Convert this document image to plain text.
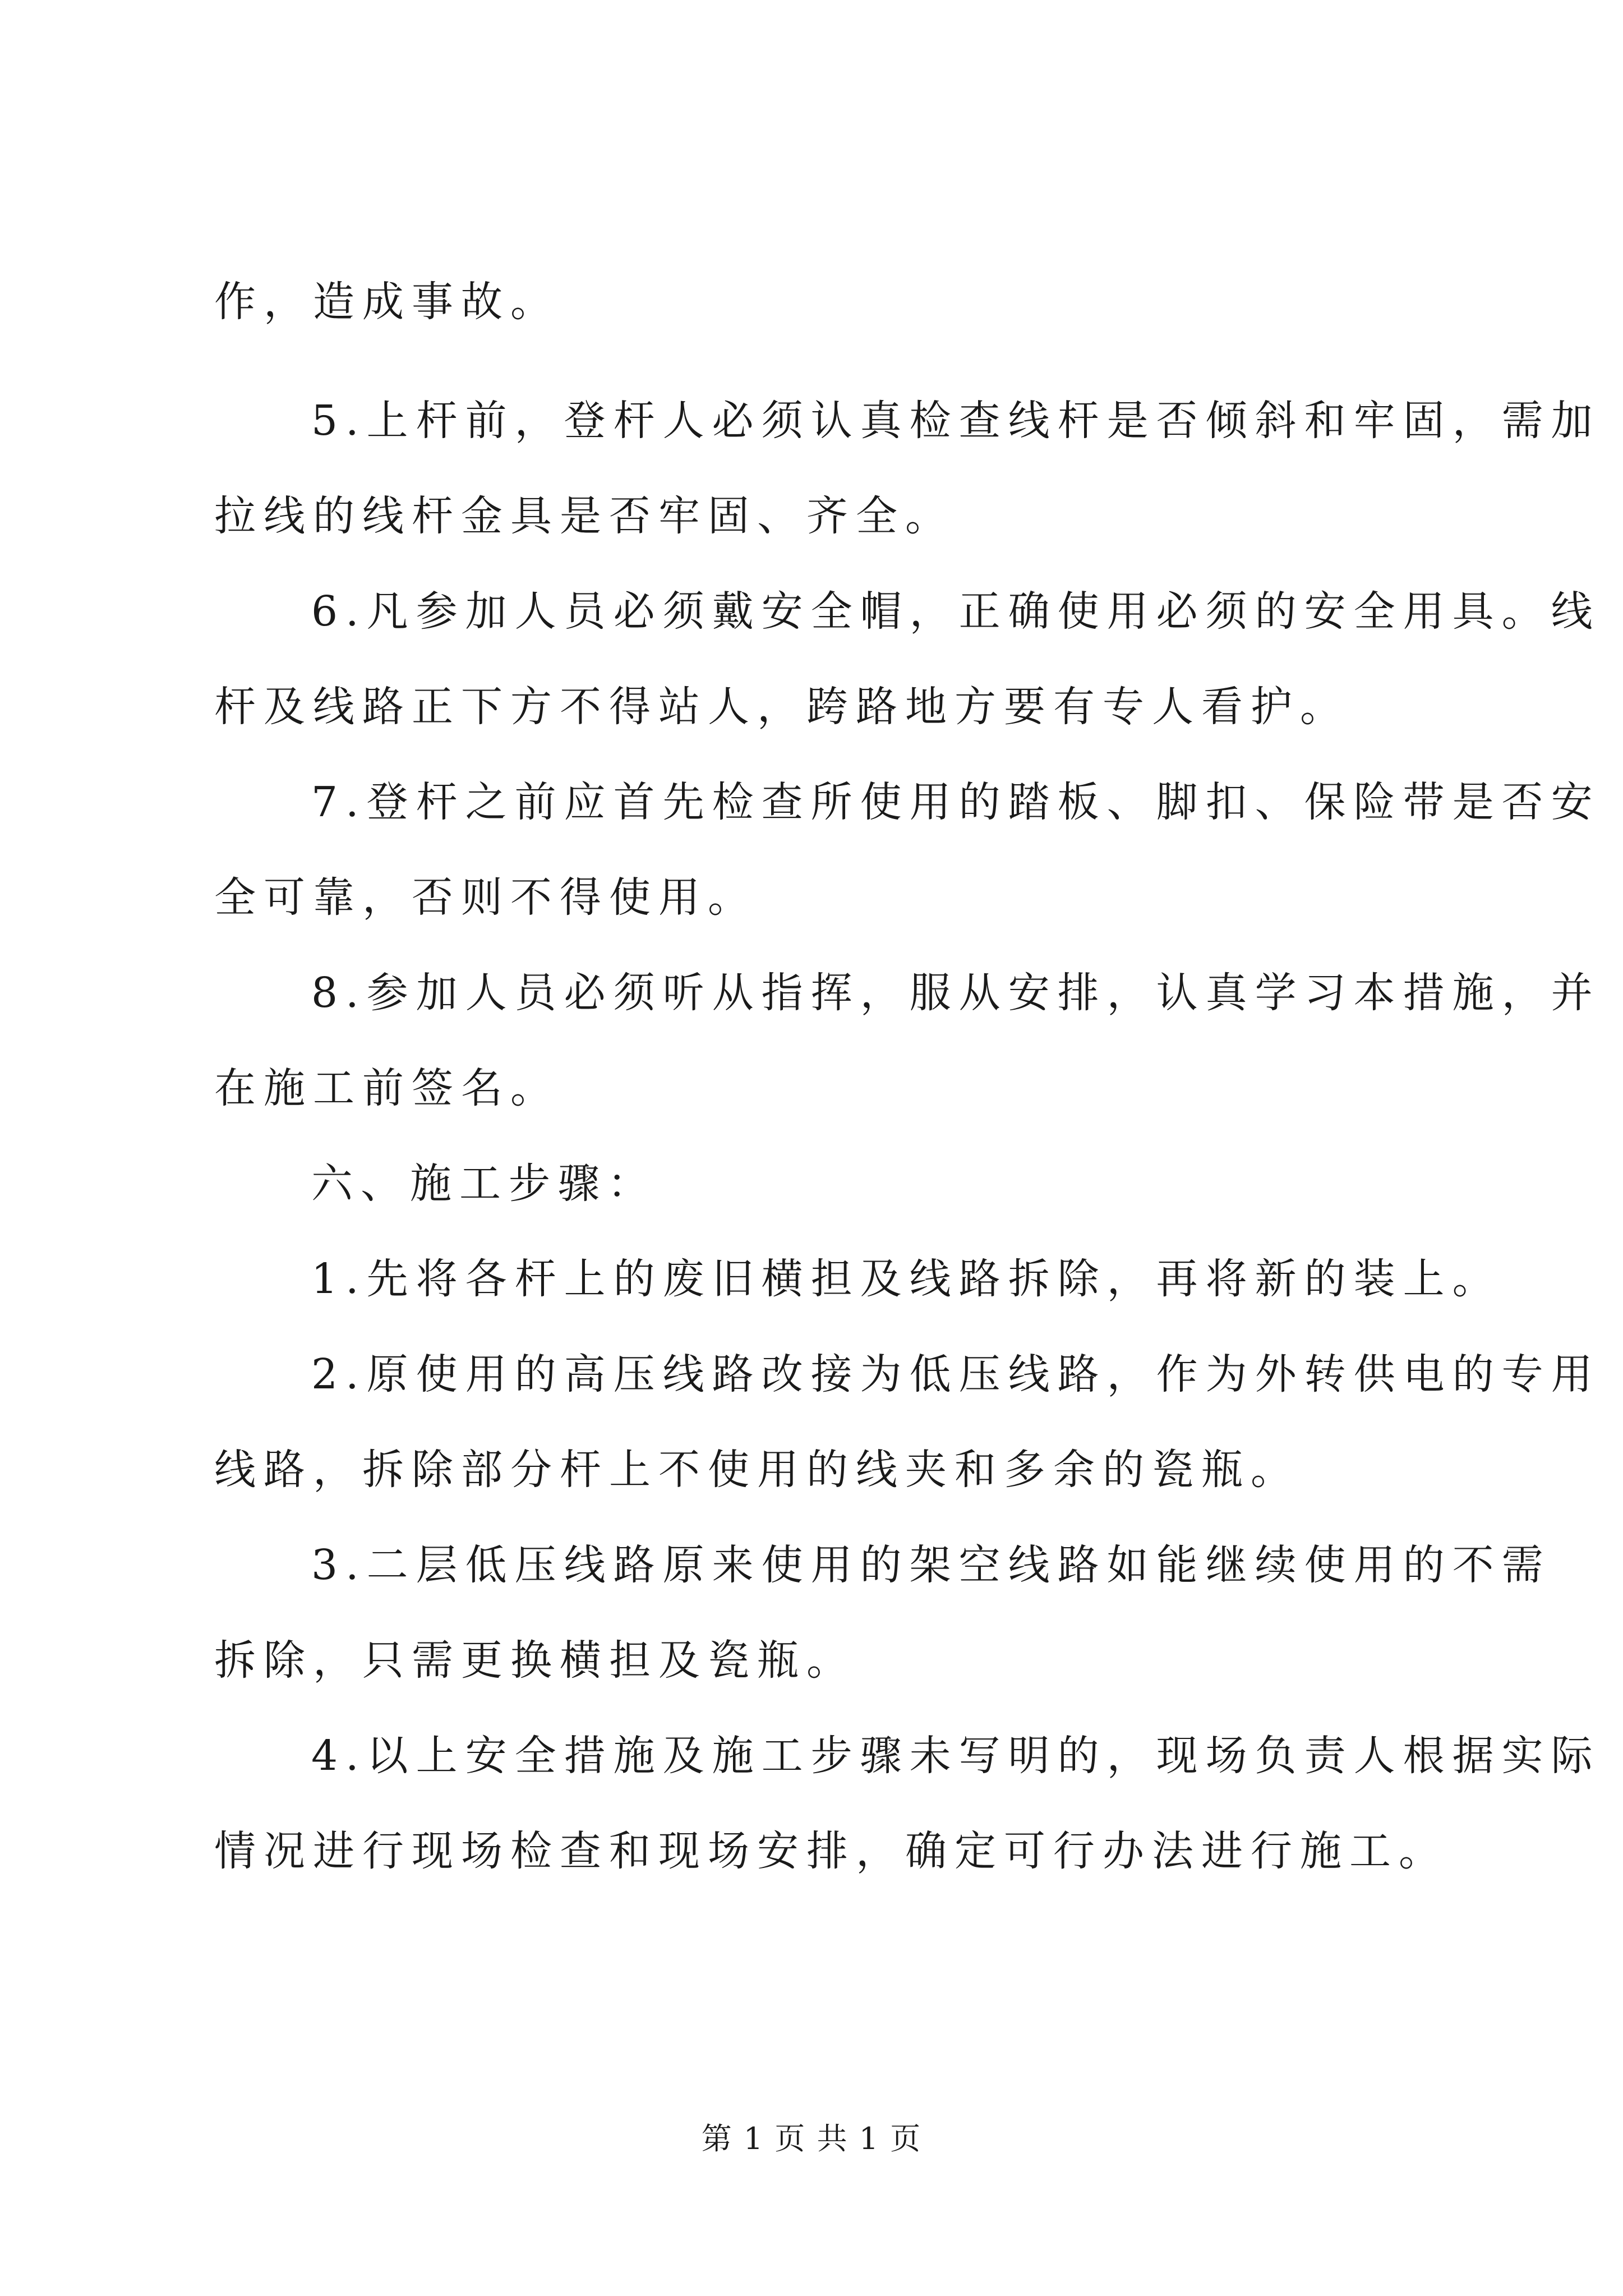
作，造成事故。
5.上杆前，登杆人必须认真检查线杆是否倾斜和牢固，需加
拉线的线杆金具是否牢固、齐全。
6.凡参加人员必须戴安全帽，正确使用必须的安全用具。线
杆及线路正下方不得站人，跨路地方要有专人看护。
7.登杆之前应首先检查所使用的踏板、脚扣、保险带是否安
全可靠，否则不得使用。
8.参加人员必须听从指挥，服从安排，认真学习本措施，并
在施工前签名。
六、施工步骤：
1.先将各杆上的废旧横担及线路拆除，再将新的装上。
2.原使用的高压线路改接为低压线路，作为外转供电的专用
线路，拆除部分杆上不使用的线夹和多余的瓷瓶。
3.二层低压线路原来使用的架空线路如能继续使用的不需
拆除，只需更换横担及瓷瓶。
4.以上安全措施及施工步骤未写明的，现场负责人根据实际
情况进行现场检查和现场安排，确定可行办法进行施工。
第 1 页 共 1 页
